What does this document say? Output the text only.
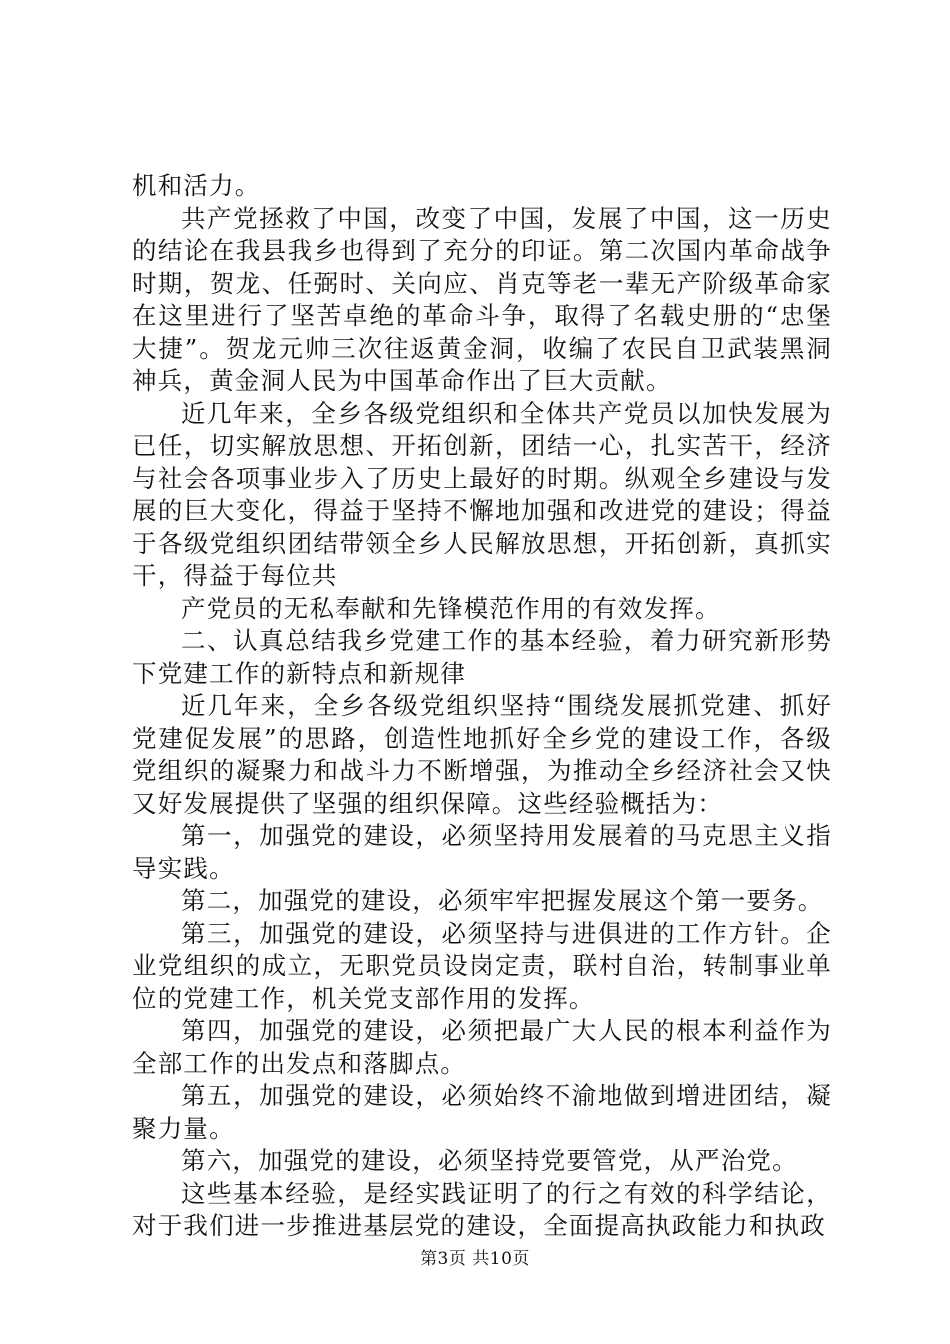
机和活力。

共产党拯救了中国，改变了中国，发展了中国，这一历史的结论在我县我乡也得到了充分的印证。第二次国内革命战争时期，贺龙、任弼时、关向应、肖克等老一辈无产阶级革命家在这里进行了坚苦卓绝的革命斗争，取得了名载史册的“忠堡大捷”。贺龙元帅三次往返黄金洞，收编了农民自卫武装黑洞神兵，黄金洞人民为中国革命作出了巨大贡献。

近几年来，全乡各级党组织和全体共产党员以加快发展为已任，切实解放思想、开拓创新，团结一心，扎实苦干，经济与社会各项事业步入了历史上最好的时期。纵观全乡建设与发展的巨大变化，得益于坚持不懈地加强和改进党的建设；得益于各级党组织团结带领全乡人民解放思想，开拓创新，真抓实干，得益于每位共

产党员的无私奉献和先锋模范作用的有效发挥。

二、认真总结我乡党建工作的基本经验，着力研究新形势下党建工作的新特点和新规律

近几年来，全乡各级党组织坚持“围绕发展抓党建、抓好党建促发展”的思路，创造性地抓好全乡党的建设工作，各级党组织的凝聚力和战斗力不断增强，为推动全乡经济社会又快又好发展提供了坚强的组织保障。这些经验概括为：

第一，加强党的建设，必须坚持用发展着的马克思主义指导实践。

第二，加强党的建设，必须牢牢把握发展这个第一要务。

第三，加强党的建设，必须坚持与进俱进的工作方针。企业党组织的成立，无职党员设岗定责，联村自治，转制事业单位的党建工作，机关党支部作用的发挥。

第四，加强党的建设，必须把最广大人民的根本利益作为全部工作的出发点和落脚点。

第五，加强党的建设，必须始终不渝地做到增进团结，凝聚力量。

第六，加强党的建设，必须坚持党要管党，从严治党。

这些基本经验，是经实践证明了的行之有效的科学结论，对于我们进一步推进基层党的建设，全面提高执政能力和执政

第3页 共10页
